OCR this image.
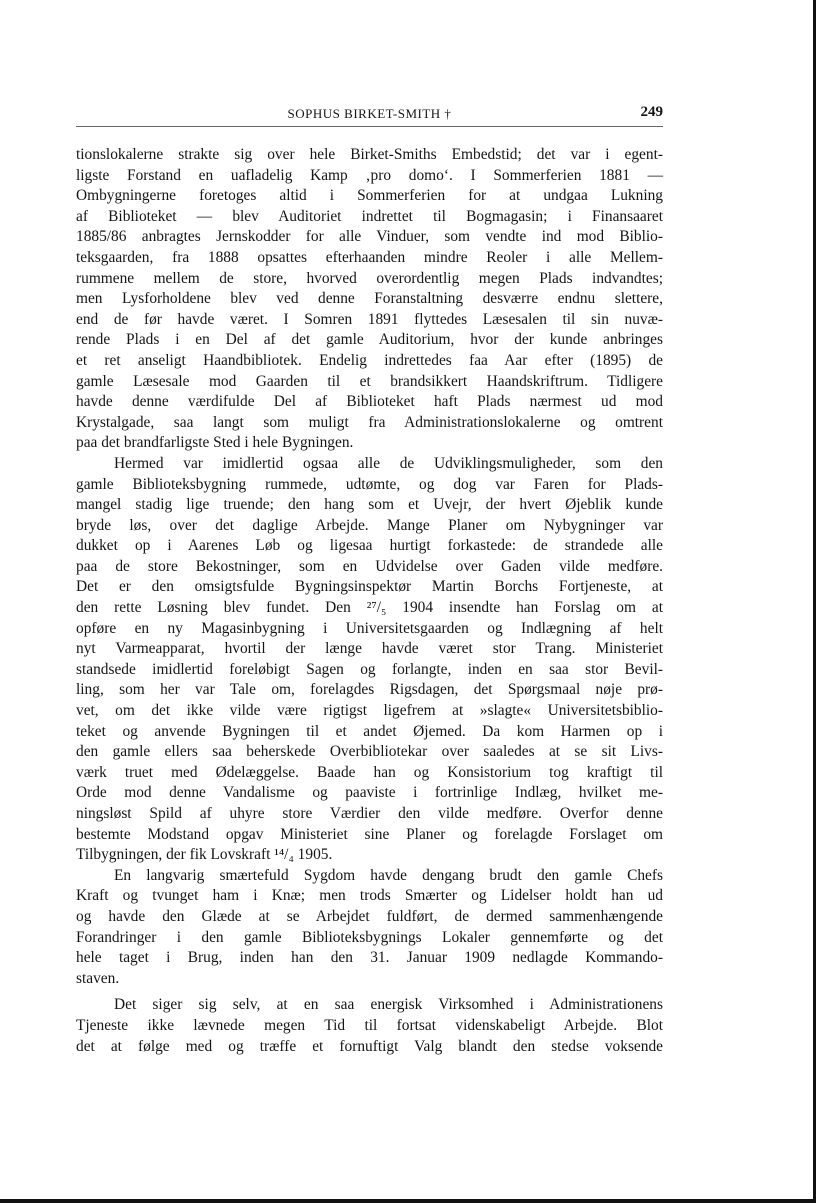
SOPHUS BIRKET-SMITH †	249

tionslokalerne strakte sig over hele Birket-Smiths Embedstid; det var i egent-
ligste Forstand en uafladelig Kamp ‚pro domo‘. I Sommerferien 1881 —
Ombygningerne foretoges altid i Sommerferien for at undgaa Lukning
af Biblioteket — blev Auditoriet indrettet til Bogmagasin; i Finansaaret
1885/86 anbragtes Jernskodder for alle Vinduer, som vendte ind mod Biblio-
teksgaarden, fra 1888 opsattes efterhaanden mindre Reoler i alle Mellem-
rummene mellem de store, hvorved overordentlig megen Plads indvandtes;
men Lysforholdene blev ved denne Foranstaltning desværre endnu slettere,
end de før havde været. I Somren 1891 flyttedes Læsesalen til sin nuvæ-
rende Plads i en Del af det gamle Auditorium, hvor der kunde anbringes
et ret anseligt Haandbibliotek. Endelig indrettedes faa Aar efter (1895) de
gamle Læsesale mod Gaarden til et brandsikkert Haandskriftrum. Tidligere
havde denne værdifulde Del af Biblioteket haft Plads nærmest ud mod
Krystalgade, saa langt som muligt fra Administrationslokalerne og omtrent
paa det brandfarligste Sted i hele Bygningen.

Hermed var imidlertid ogsaa alle de Udviklingsmuligheder, som den
gamle Biblioteksbygning rummede, udtømte, og dog var Faren for Plads-
mangel stadig lige truende; den hang som et Uvejr, der hvert Øjeblik kunde
bryde løs, over det daglige Arbejde. Mange Planer om Nybygninger var
dukket op i Aarenes Løb og ligesaa hurtigt forkastede: de strandede alle
paa de store Bekostninger, som en Udvidelse over Gaden vilde medføre.
Det er den omsigtsfulde Bygningsinspektør Martin Borchs Fortjeneste, at
den rette Løsning blev fundet. Den ²⁷/₅ 1904 insendte han Forslag om at
opføre en ny Magasinbygning i Universitetsgaarden og Indlægning af helt
nyt Varmeapparat, hvortil der længe havde været stor Trang. Ministeriet
standsede imidlertid foreløbigt Sagen og forlangte, inden en saa stor Bevil-
ling, som her var Tale om, forelagdes Rigsdagen, det Spørgsmaal nøje prø-
vet, om det ikke vilde være rigtigst ligefrem at »slagte« Universitetsbiblio-
teket og anvende Bygningen til et andet Øjemed. Da kom Harmen op i
den gamle ellers saa beherskede Overbibliotekar over saaledes at se sit Livs-
værk truet med Ødelæggelse. Baade han og Konsistorium tog kraftigt til
Orde mod denne Vandalisme og paaviste i fortrinlige Indlæg, hvilket me-
ningsløst Spild af uhyre store Værdier den vilde medføre. Overfor denne
bestemte Modstand opgav Ministeriet sine Planer og forelagde Forslaget om
Tilbygningen, der fik Lovskraft ¹⁴/₄ 1905.

En langvarig smærtefuld Sygdom havde dengang brudt den gamle Chefs
Kraft og tvunget ham i Knæ; men trods Smærter og Lidelser holdt han ud
og havde den Glæde at se Arbejdet fuldført, de dermed sammenhængende
Forandringer i den gamle Biblioteksbygnings Lokaler gennemførte og det
hele taget i Brug, inden han den 31. Januar 1909 nedlagde Kommando-
staven.

Det siger sig selv, at en saa energisk Virksomhed i Administrationens
Tjeneste ikke lævnede megen Tid til fortsat videnskabeligt Arbejde. Blot
det at følge med og træffe et fornuftigt Valg blandt den stedse voksende
